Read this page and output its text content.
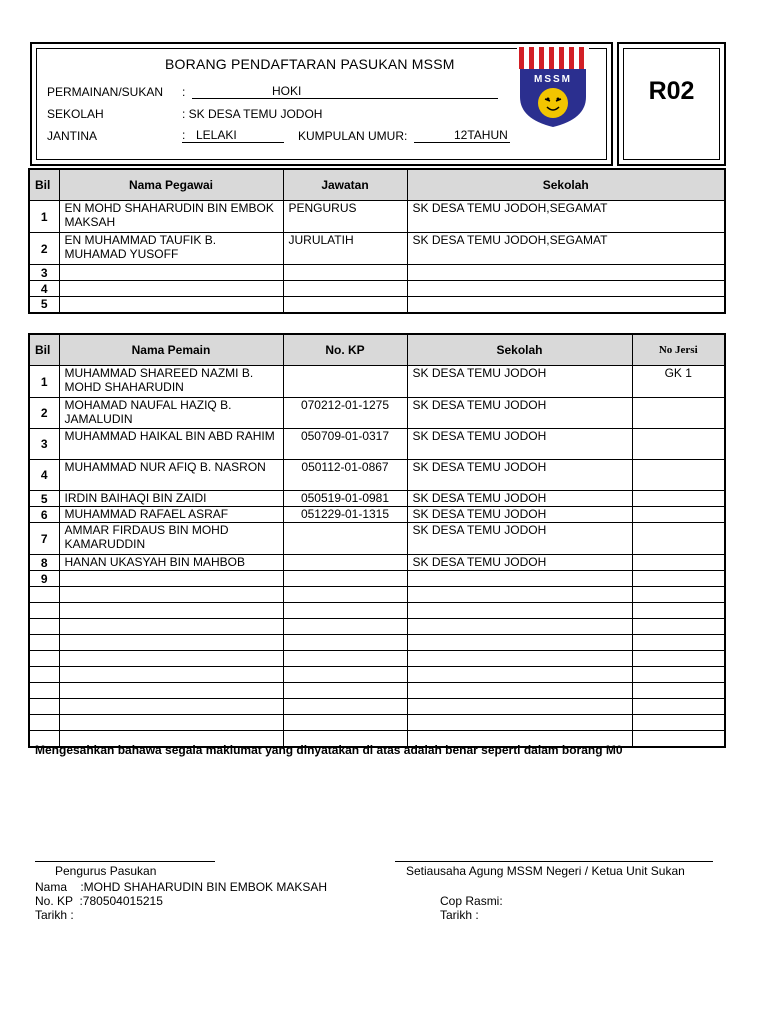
BORANG PENDAFTARAN PASUKAN MSSM
PERMAINAN/SUKAN :	HOKI
SEKOLAH	: SK DESA TEMU JODOH
JANTINA	: LELAKI	KUMPULAN UMUR:	12TAHUN
MSSM	R02
Bil	Nama Pegawai	Jawatan	Sekolah
1	EN MOHD SHAHARUDIN BIN EMBOK MAKSAH	PENGURUS	SK DESA TEMU JODOH,SEGAMAT
2	EN MUHAMMAD TAUFIK B. MUHAMAD YUSOFF	JURULATIH	SK DESA TEMU JODOH,SEGAMAT
3			
4			
5			
Bil	Nama Pemain	No. KP	Sekolah	No Jersi
1	MUHAMMAD SHAREED NAZMI B. MOHD SHAHARUDIN		SK DESA TEMU JODOH	GK 1
2	MOHAMAD NAUFAL HAZIQ B. JAMALUDIN	070212-01-1275	SK DESA TEMU JODOH	
3	MUHAMMAD HAIKAL BIN ABD RAHIM	050709-01-0317	SK DESA TEMU JODOH	
4	MUHAMMAD NUR AFIQ B. NASRON	050112-01-0867	SK DESA TEMU JODOH	
5	IRDIN BAIHAQI BIN ZAIDI	050519-01-0981	SK DESA TEMU JODOH	
6	MUHAMMAD RAFAEL ASRAF	051229-01-1315	SK DESA TEMU JODOH	
7	AMMAR FIRDAUS BIN MOHD KAMARUDDIN		SK DESA TEMU JODOH	
8	HANAN UKASYAH BIN MAHBOB		SK DESA TEMU JODOH	
9				

Mengesahkan bahawa segala maklumat yang dinyatakan di atas adalah benar seperti dalam borang M0
Pengurus Pasukan
Nama    :MOHD SHAHARUDIN BIN EMBOK MAKSAH
No. KP  :780504015215
Tarikh :
Setiausaha Agung MSSM Negeri / Ketua Unit Sukan
Cop Rasmi:
Tarikh :
